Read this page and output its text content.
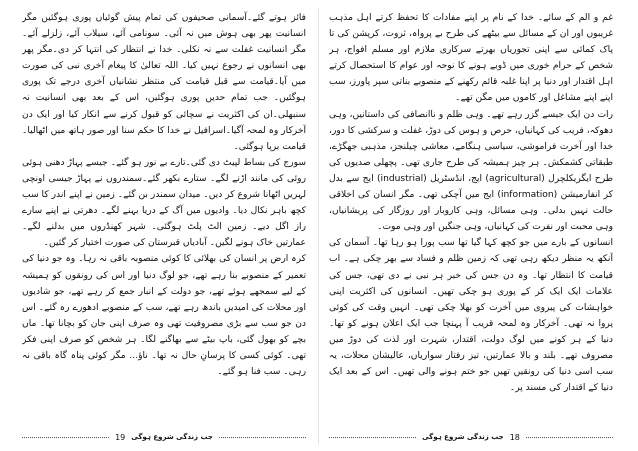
فائز ہوتے گئے۔آسمانی صحیفوں کی تمام پیش گوئیاں پوری ہوگئیں مگر انسانیت پھر بھی ہوش میں نہ آئی۔ سونامی آئے، سیلاب آئے، زلزلے آئے۔مگر انسانیت غفلت سے نہ نکلی۔ خدا نے انتظار کی انتہا کر دی۔مگر پھر بھی انسانوں نے رجوع نہیں کیا۔ اللہ تعالیٰ کا پیغام آخری نبی کی صورت میں آیا۔قیامت سے قبل قیامت کی منتظر نشانیاں آخری درجے تک پوری ہوگئیں۔ جب تمام حدیں پوری ہوگئیں، اس کے بعد بھی انسانیت نہ سنبھلی۔ان کی اکثریت نے سچائی کو قبول کرنے سے انکار کیا اور ایک دن آخرکار وہ لمحہ آگیا۔اسرافیل نے خدا کا حکم سنا اور صور ہاتھ میں اٹھالیا۔قیامت برپا ہوگئی۔

سورج کی بساط لپیٹ دی گئی۔تارے بے نور ہو گئے۔ جیسے پہاڑ دھنی ہوئی روئی کی مانند اڑنے لگے۔ ستارے بکھر گئے۔سمندروں نے پہاڑ جیسی اونچی لہریں اٹھانا شروع کر دیں۔ میدان سمندر بن گئے۔ زمین نے اپنے اندر کا سب کچھ باہر نکال دیا۔ وادیوں میں آگ کے دریا بہنے لگے۔ دھرتی نے اپنے سارے راز اگل دیے۔ زمین الٹ پلٹ ہوگئی۔ شہر کھنڈروں میں بدلنے لگے۔ عمارتیں خاک ہونے لگیں۔ آبادیاں قبرستان کی صورت اختیار کر گئیں۔

کرہ ارض پر انسان کی بھلائی کا کوئی منصوبہ باقی نہ رہا۔ وہ جو دنیا کی تعمیر کے منصوبے بنا رہے تھے، جو لوگ دنیا اور اس کی رونقوں کو ہمیشہ کے لیے سمجھے ہوئے تھے، جو دولت کے انبار جمع کر رہے تھے، جو شادیوں اور محلات کی امیدیں باندھ رہے تھے، سب کے منصوبے ادھورے رہ گئے۔ اس دن جو سب سے بڑی مصروفیت تھی وہ صرف اپنی جان کو بچانا تھا۔ ماں بچے کو بھول گئی، باپ بیٹے سے بھاگنے لگا۔ ہر شخص کو صرف اپنی فکر تھی۔ کوئی کسی کا پرسانِ حال نہ تھا۔ ناؤ... مگر کوئی پناہ گاہ باقی نہ رہی۔ سب فنا ہو گئے۔

19 جب زندگی شروع ہوگی

غم و الم کے سائے۔ خدا کے نام پر اپنے مفادات کا تحفظ کرتے اہل مذہب غریبوں اور ان کے مسائل سے بیٹھے کی طرح بے پرواہ، ثروت، کرپشن کی تا پاک کمائی سے اپنی تجوریاں بھرتے سرکاری ملازم اور مسلم افواج، ہر شخص کے حرام خوری میں ڈوبے ہونے کا نوحہ اور عوام کا استحصال کرتے اہل اقتدار اور دنیا پر اپنا غلبہ قائم رکھنے کے منصوبے بناتی سپر پاورز، سب اپنے اپنے مشاغل اور کاموں میں مگن تھے۔

رات دن ایک جیسے گزر رہے تھے۔ وہی ظلم و ناانصافی کی داستانیں، وہی دھوکہ، فریب کی کہانیاں، حرص و ہوس کی دوڑ، غفلت و سرکشی کا دور، خدا اور آخرت فراموشی، سیاسی ہنگامے، معاشی چیلنجز، مذہبی جھگڑے، طبقاتی کشمکش۔ ہر چیز ہمیشہ کی طرح جاری تھی۔ پچھلی صدیوں کی طرح ایگریکلچرل (agricultural) ایج، انڈسٹریل (industrial) ایج سے بدل کر انفارمیشن (information) ایج میں آچکی تھی۔ مگر انسان کی اخلاقی حالت نہیں بدلی۔ وہی مسائل، وہی کاروبار اور روزگار کی پریشانیاں، وہی محبت اور نفرت کی کہانیاں، وہی جنگیں اور وہی موت۔

انسانوں کے بارے میں جو کچھ کہا گیا تھا سب پورا ہو رہا تھا۔ آسمان کی آنکھ یہ منظر دیکھ رہی تھی کہ زمین ظلم و فساد سے بھر چکی ہے۔ اب قیامت کا انتظار تھا۔ وہ دن جس کی خبر ہر نبی نے دی تھی، جس کی علامات ایک ایک کر کے پوری ہو چکی تھیں۔ انسانوں کی اکثریت اپنی خواہشات کی پیروی میں آخرت کو بھلا چکی تھی۔ انہیں وقت کی کوئی پروا نہ تھی۔ آخرکار وہ لمحہ قریب آ پہنچا جب ایک اعلان ہونے کو تھا۔ دنیا کے ہر کونے میں لوگ دولت، اقتدار، شہرت اور لذت کی دوڑ میں مصروف تھے۔ بلند و بالا عمارتیں، تیز رفتار سواریاں، عالیشان محلات، یہ سب اسی دنیا کی رونقیں تھیں جو ختم ہونے والی تھیں۔ اس کے بعد ایک دنیا کے اقتدار کی مسند پر۔

18
جب زندگی شروع ہوگی
